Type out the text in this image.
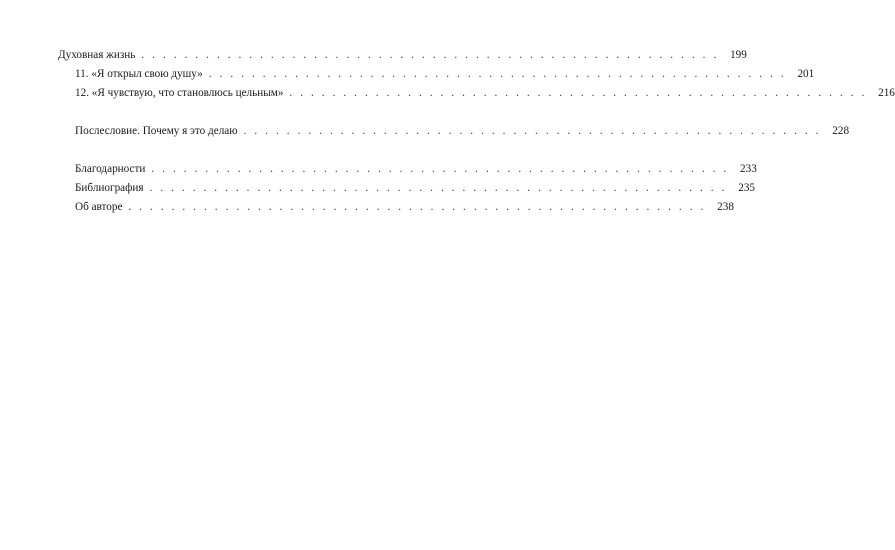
Духовная жизнь . . . . . . . . . . . . . . . . . . . . . . . . . . . . . . . . . . . . . . . . . . . . . . . . . . . . . .	199
11. «Я открыл свою душу» . . . . . . . . . . . . . . . . . . . . . . . . . . . . . . . . . . . . . . . . . . . . . . . . . . . . . .	201
12. «Я чувствую, что становлюсь цельным» . . . . . . . . . . . . . . . . . . . . . . . . . . . . . . . . . . . . . . . . . . . . . . . . . . . . . .	216
Послесловие. Почему я это делаю . . . . . . . . . . . . . . . . . . . . . . . . . . . . . . . . . . . . . . . . . . . . . . . . . . . . . .	228
Благодарности . . . . . . . . . . . . . . . . . . . . . . . . . . . . . . . . . . . . . . . . . . . . . . . . . . . . . .	233
Библиография . . . . . . . . . . . . . . . . . . . . . . . . . . . . . . . . . . . . . . . . . . . . . . . . . . . . . .	235
Об авторе . . . . . . . . . . . . . . . . . . . . . . . . . . . . . . . . . . . . . . . . . . . . . . . . . . . . . .	238
